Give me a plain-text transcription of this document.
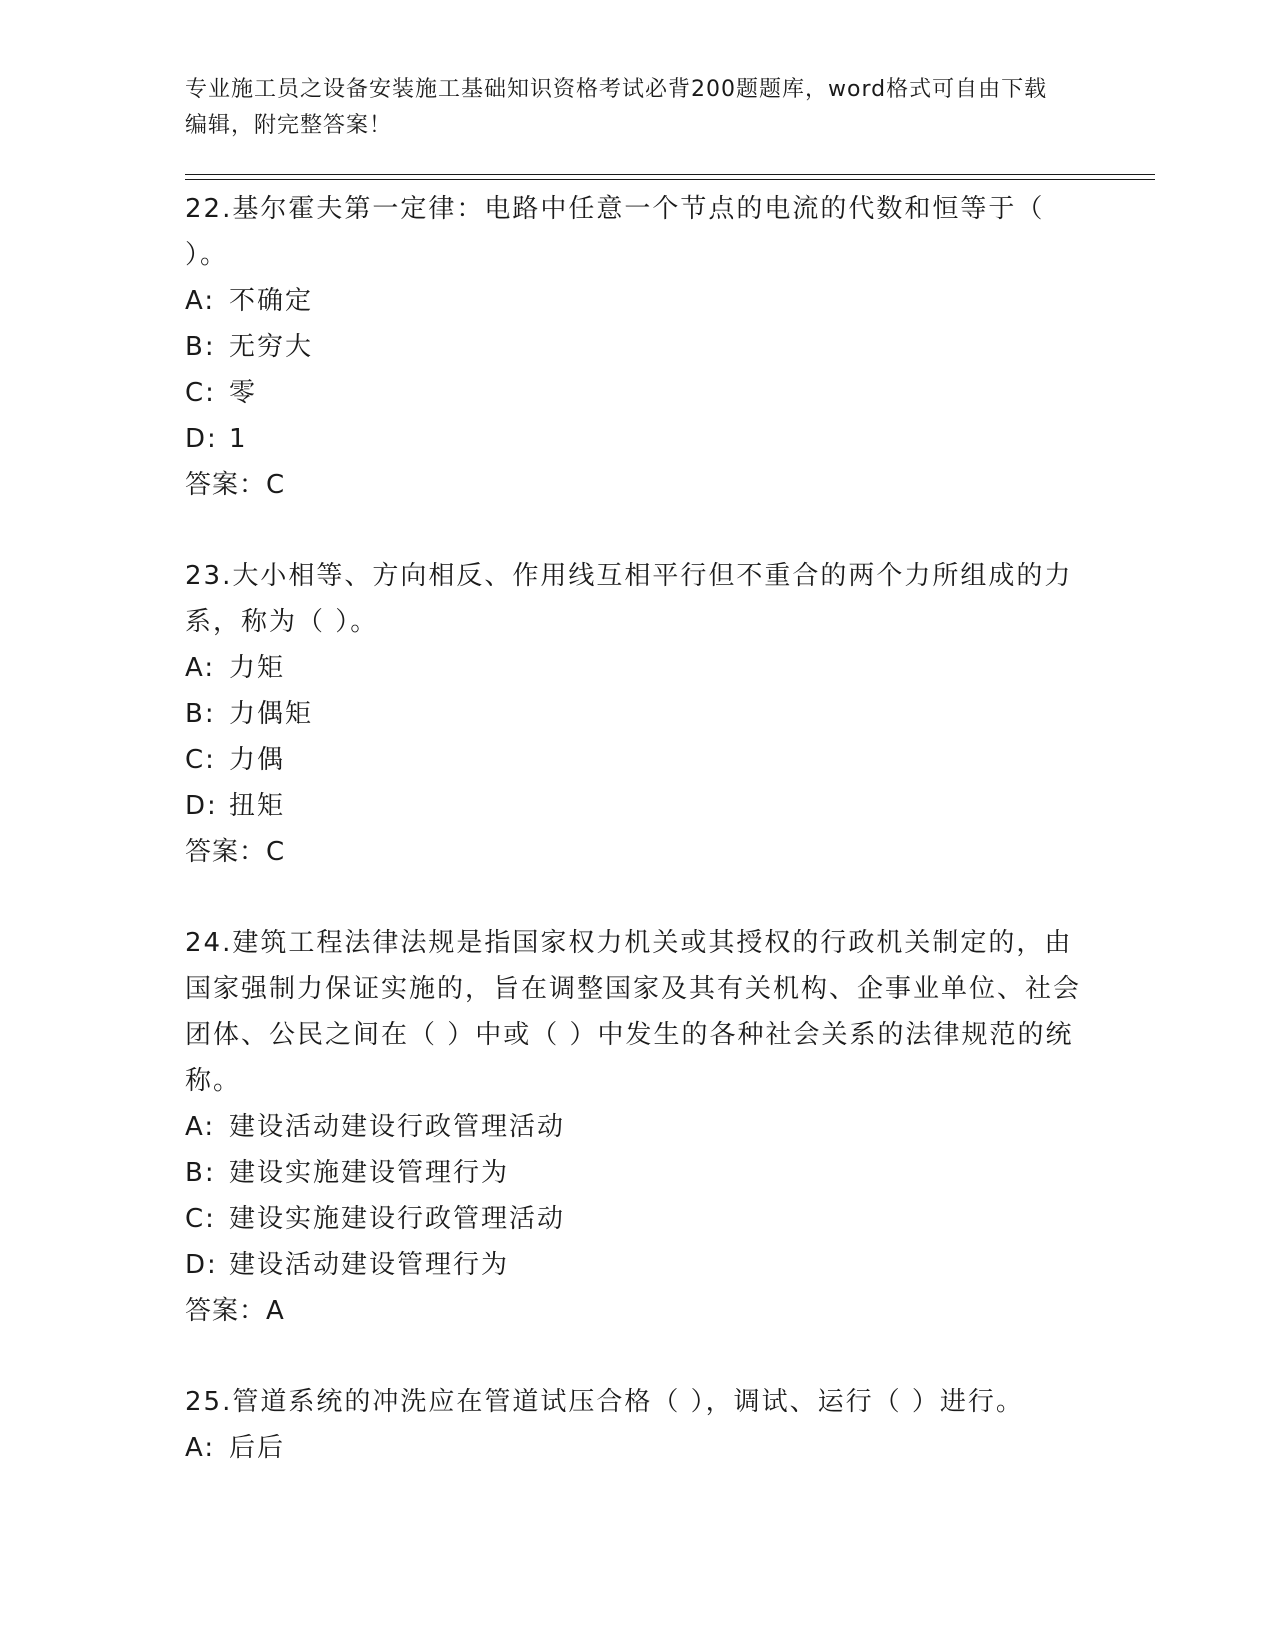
专业施工员之设备安装施工基础知识资格考试必背200题题库，word格式可自由下载编辑，附完整答案！
22.基尔霍夫第一定律：电路中任意一个节点的电流的代数和恒等于（ ）。
A: 不确定
B: 无穷大
C: 零
D: 1
答案：C
23.大小相等、方向相反、作用线互相平行但不重合的两个力所组成的力系，称为（ ）。
A: 力矩
B: 力偶矩
C: 力偶
D: 扭矩
答案：C
24.建筑工程法律法规是指国家权力机关或其授权的行政机关制定的，由国家强制力保证实施的，旨在调整国家及其有关机构、企事业单位、社会团体、公民之间在（ ）中或（ ）中发生的各种社会关系的法律规范的统称。
A: 建设活动建设行政管理活动
B: 建设实施建设管理行为
C: 建设实施建设行政管理活动
D: 建设活动建设管理行为
答案：A
25.管道系统的冲洗应在管道试压合格（ ），调试、运行（ ）进行。
A: 后后
